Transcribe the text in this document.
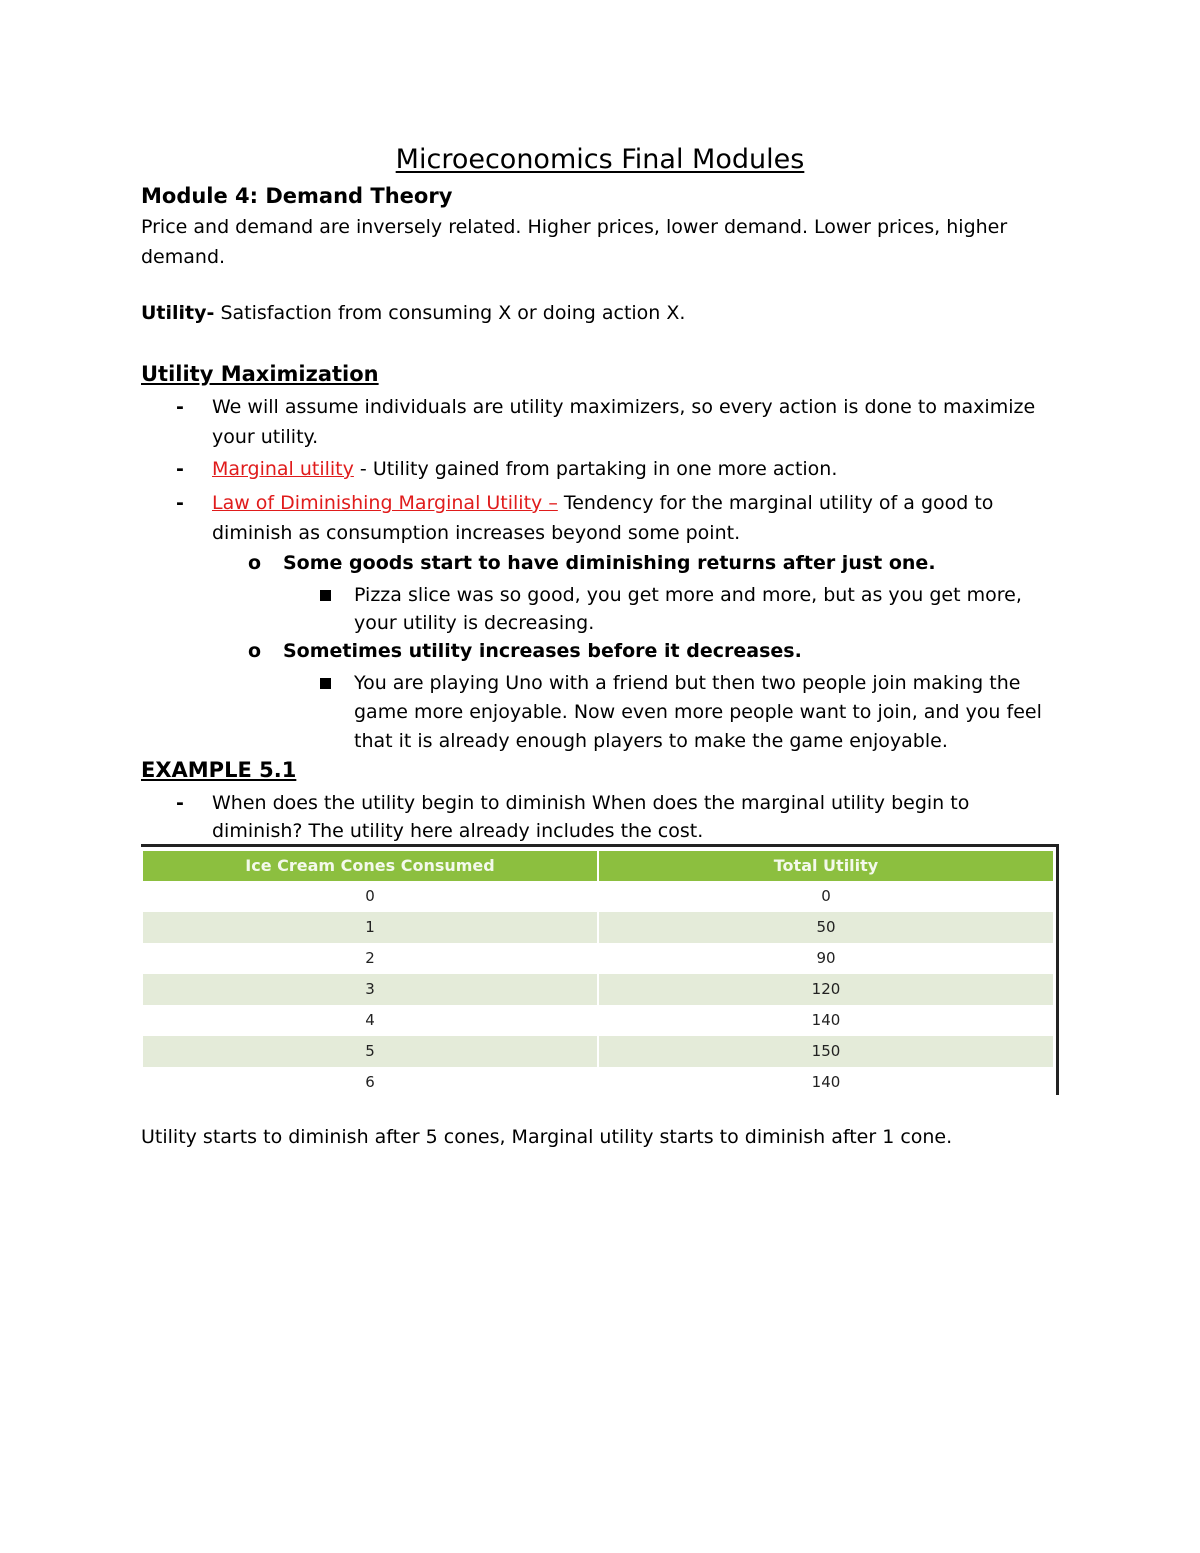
Microeconomics Final Modules
Module 4: Demand Theory
Price and demand are inversely related. Higher prices, lower demand. Lower prices, higher
demand.
Utility- Satisfaction from consuming X or doing action X.
Utility Maximization
- We will assume individuals are utility maximizers, so every action is done to maximize
your utility.
- Marginal utility - Utility gained from partaking in one more action.
- Law of Diminishing Marginal Utility – Tendency for the marginal utility of a good to
diminish as consumption increases beyond some point.
o Some goods start to have diminishing returns after just one.
Pizza slice was so good, you get more and more, but as you get more,
your utility is decreasing.
o Sometimes utility increases before it decreases.
You are playing Uno with a friend but then two people join making the
game more enjoyable. Now even more people want to join, and you feel
that it is already enough players to make the game enjoyable.
EXAMPLE 5.1
- When does the utility begin to diminish When does the marginal utility begin to
diminish? The utility here already includes the cost.
Ice Cream Cones Consumed	Total Utility
0	0
1	50
2	90
3	120
4	140
5	150
6	140
Utility starts to diminish after 5 cones, Marginal utility starts to diminish after 1 cone.
